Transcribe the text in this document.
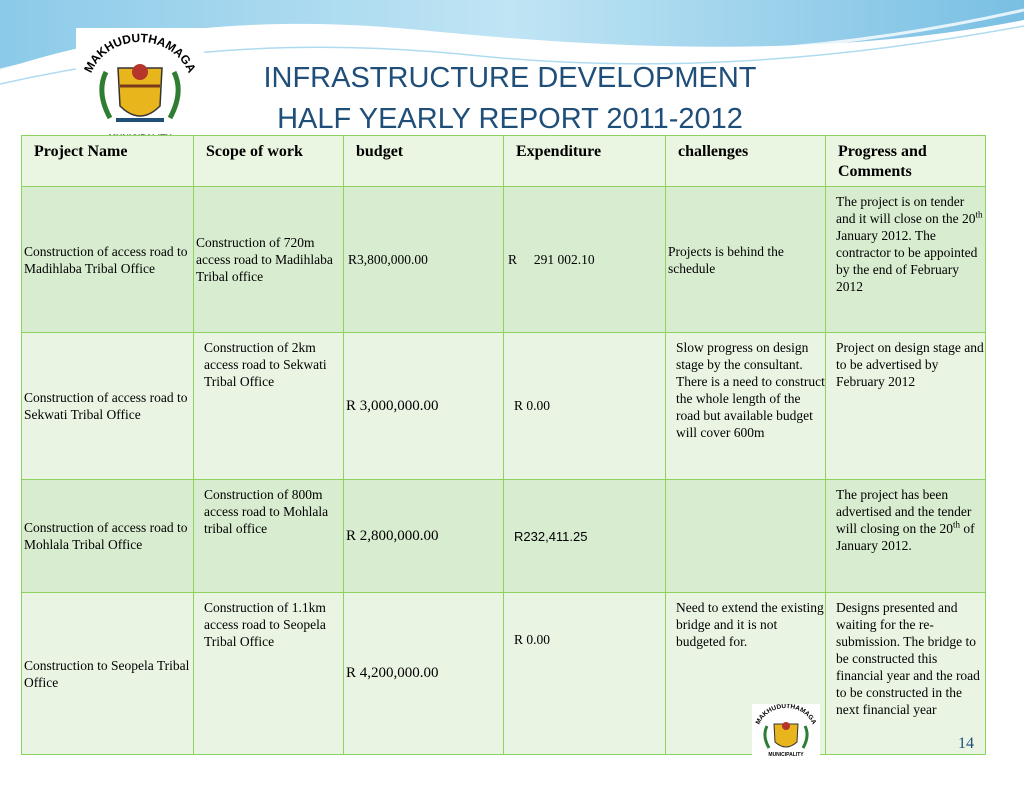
MAKHUDUTHAMAGA	INFRASTRUCTURE DEVELOPMENT
HALF YEARLY REPORT 2011-2012
Project Name	Scope of work	budget	Expenditure	challenges	Progress and Comments

Construction of access road to Madihlaba Tribal Office	Construction of 720m access road to Madihlaba Tribal office	R3,800,000.00	R     291 002.10	Projects is behind the schedule	The project is on tender and it will close on the 20th January 2012. The contractor to be appointed by the end of February 2012

Construction of access road to Sekwati Tribal Office	Construction of 2km access road to Sekwati Tribal Office	R 3,000,000.00	R 0.00	Slow progress on design stage by the consultant. There is a need to construct the whole length of the road but available budget will cover 600m	Project on design stage and to be advertised by February 2012

Construction of access road to Mohlala Tribal Office	Construction of 800m access road to Mohlala tribal office	R 2,800,000.00	R232,411.25		The project has been advertised and the tender will closing on the 20th of January 2012.

Construction to Seopela Tribal Office	Construction of 1.1km access road to Seopela Tribal Office	R 4,200,000.00	R 0.00	Need to extend the existing bridge and it is not budgeted for.	Designs presented and waiting for the re-submission. The bridge to be constructed this financial year and the road to be constructed in the next financial year
MAKHUDUTHAMAGA
MUNICIPALITY
14
